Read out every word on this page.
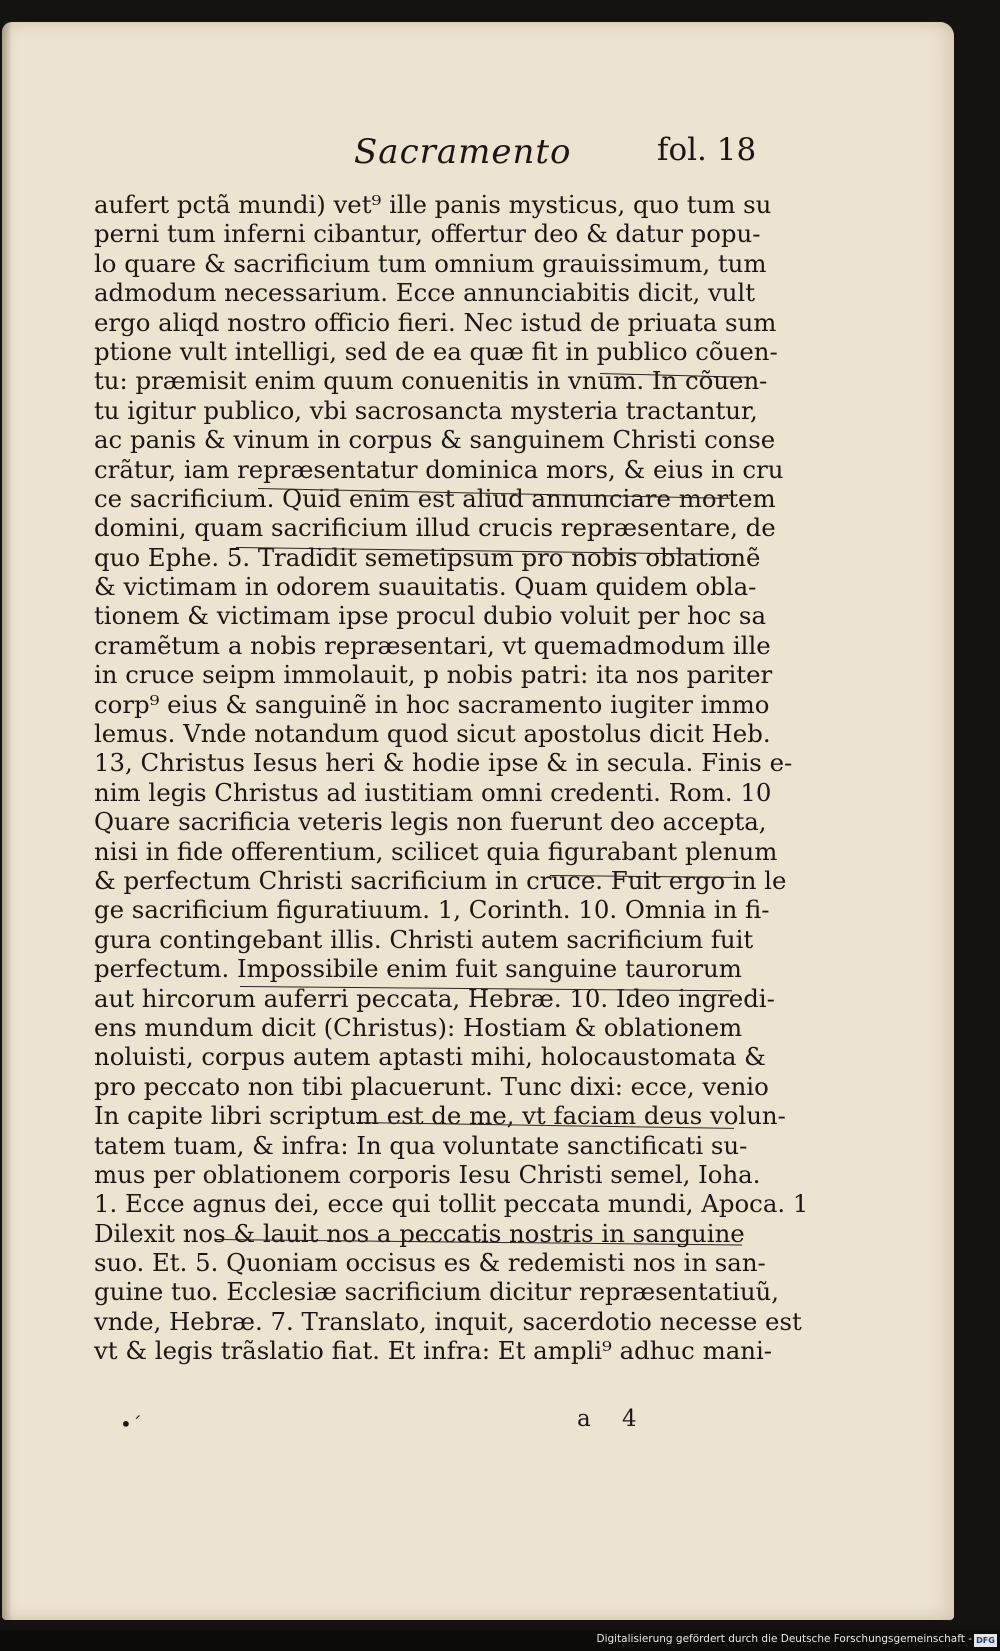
Sacramento	fol. 18
aufert pctã mundi) vet⁹ ille panis mysticus, quo tum su
perni tum inferni cibantur, offertur deo & datur popu-
lo quare & sacrificium tum omnium grauissimum, tum
admodum necessarium. Ecce annunciabitis dicit, vult
ergo aliqd nostro officio fieri. Nec istud de priuata sum
ptione vult intelligi, sed de ea quæ fit in publico cõuen-
tu: præmisit enim quum conuenitis in vnum. In cõuen-
tu igitur publico, vbi sacrosancta mysteria tractantur,
ac panis & vinum in corpus & sanguinem Christi conse
crãtur, iam repræsentatur dominica mors, & eius in cru
ce sacrificium. Quid enim est aliud annunciare mortem
domini, quam sacrificium illud crucis repræsentare, de
quo Ephe. 5. Tradidit semetipsum pro nobis oblationẽ
& victimam in odorem suauitatis. Quam quidem obla-
tionem & victimam ipse procul dubio voluit per hoc sa
cramẽtum a nobis repræsentari, vt quemadmodum ille
in cruce seipm immolauit, p nobis patri: ita nos pariter
corp⁹ eius & sanguinẽ in hoc sacramento iugiter immo
lemus. Vnde notandum quod sicut apostolus dicit Heb.
13, Christus Iesus heri & hodie ipse & in secula. Finis e-
nim legis Christus ad iustitiam omni credenti. Rom. 10
Quare sacrificia veteris legis non fuerunt deo accepta,
nisi in fide offerentium, scilicet quia figurabant plenum
& perfectum Christi sacrificium in cruce. Fuit ergo in le
ge sacrificium figuratiuum. 1, Corinth. 10. Omnia in fi-
gura contingebant illis. Christi autem sacrificium fuit
perfectum. Impossibile enim fuit sanguine taurorum
aut hircorum auferri peccata, Hebræ. 10. Ideo ingredi-
ens mundum dicit (Christus): Hostiam & oblationem
noluisti, corpus autem aptasti mihi, holocaustomata &
pro peccato non tibi placuerunt. Tunc dixi: ecce, venio
In capite libri scriptum est de me, vt faciam deus volun-
tatem tuam, & infra: In qua voluntate sanctificati su-
mus per oblationem corporis Iesu Christi semel, Ioha.
1. Ecce agnus dei, ecce qui tollit peccata mundi, Apoca. 1
Dilexit nos & lauit nos a peccatis nostris in sanguine
suo. Et. 5. Quoniam occisus es & redemisti nos in san-
guine tuo. Ecclesiæ sacrificium dicitur repræsentatiuũ,
vnde, Hebræ. 7. Translato, inquit, sacerdotio necesse est
vt & legis trãslatio fiat. Et infra: Et ampli⁹ adhuc mani-
•ˊ	a 4
Digitalisierung gefördert durch die Deutsche Forschungsgemeinschaft - DFG
